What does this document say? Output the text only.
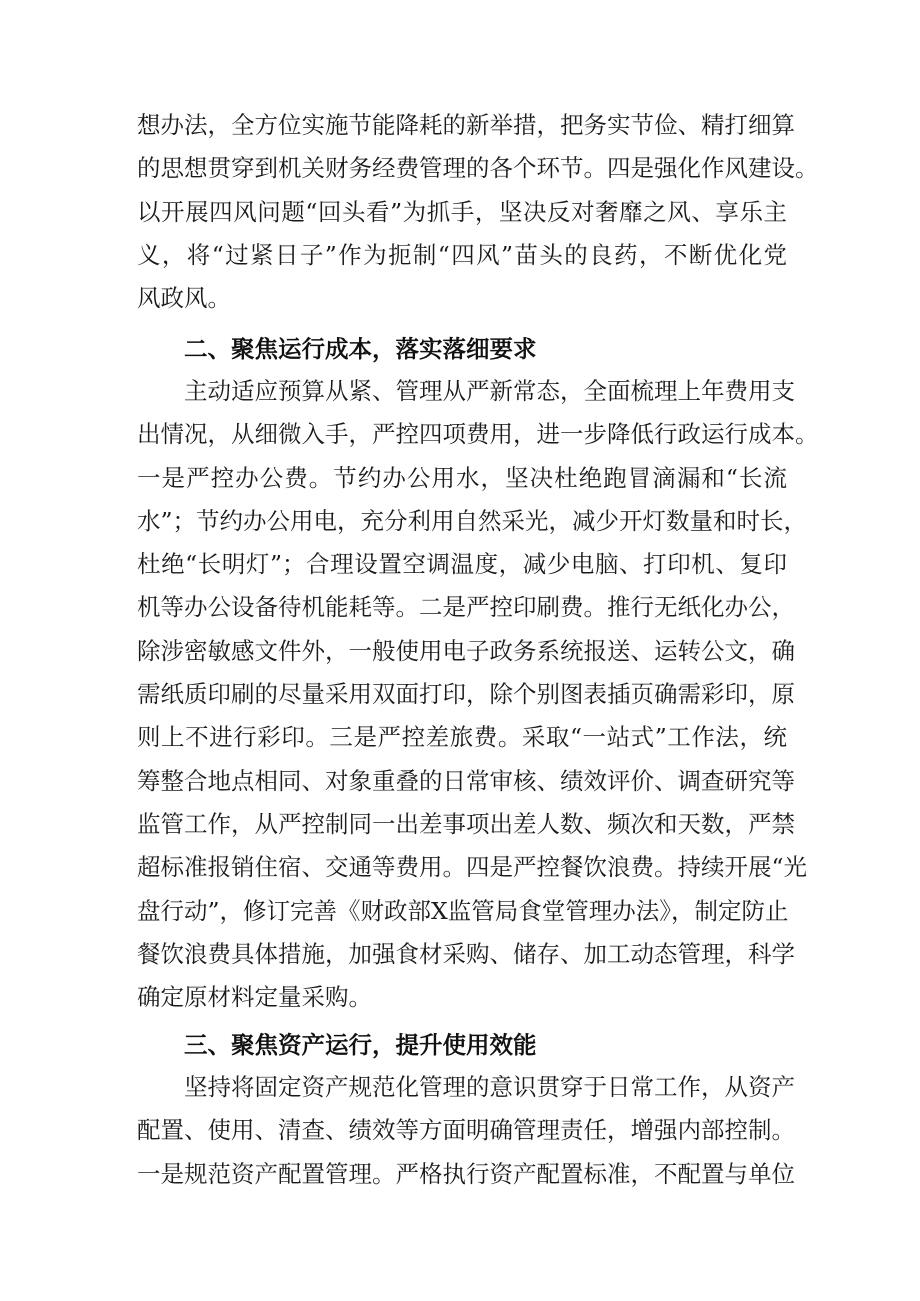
想办法，全方位实施节能降耗的新举措，把务实节俭、精打细算
的思想贯穿到机关财务经费管理的各个环节。四是强化作风建设。
以开展四风问题“回头看”为抓手，坚决反对奢靡之风、享乐主
义，将“过紧日子”作为扼制“四风”苗头的良药，不断优化党
风政风。
二、聚焦运行成本，落实落细要求
主动适应预算从紧、管理从严新常态，全面梳理上年费用支
出情况，从细微入手，严控四项费用，进一步降低行政运行成本。
一是严控办公费。节约办公用水，坚决杜绝跑冒滴漏和“长流
水”；节约办公用电，充分利用自然采光，减少开灯数量和时长，
杜绝“长明灯”；合理设置空调温度，减少电脑、打印机、复印
机等办公设备待机能耗等。二是严控印刷费。推行无纸化办公，
除涉密敏感文件外，一般使用电子政务系统报送、运转公文，确
需纸质印刷的尽量采用双面打印，除个别图表插页确需彩印，原
则上不进行彩印。三是严控差旅费。采取“一站式”工作法，统
筹整合地点相同、对象重叠的日常审核、绩效评价、调查研究等
监管工作，从严控制同一出差事项出差人数、频次和天数，严禁
超标准报销住宿、交通等费用。四是严控餐饮浪费。持续开展“光
盘行动”，修订完善《财政部X监管局食堂管理办法》，制定防止
餐饮浪费具体措施，加强食材采购、储存、加工动态管理，科学
确定原材料定量采购。
三、聚焦资产运行，提升使用效能
坚持将固定资产规范化管理的意识贯穿于日常工作，从资产
配置、使用、清查、绩效等方面明确管理责任，增强内部控制。
一是规范资产配置管理。严格执行资产配置标准，不配置与单位
